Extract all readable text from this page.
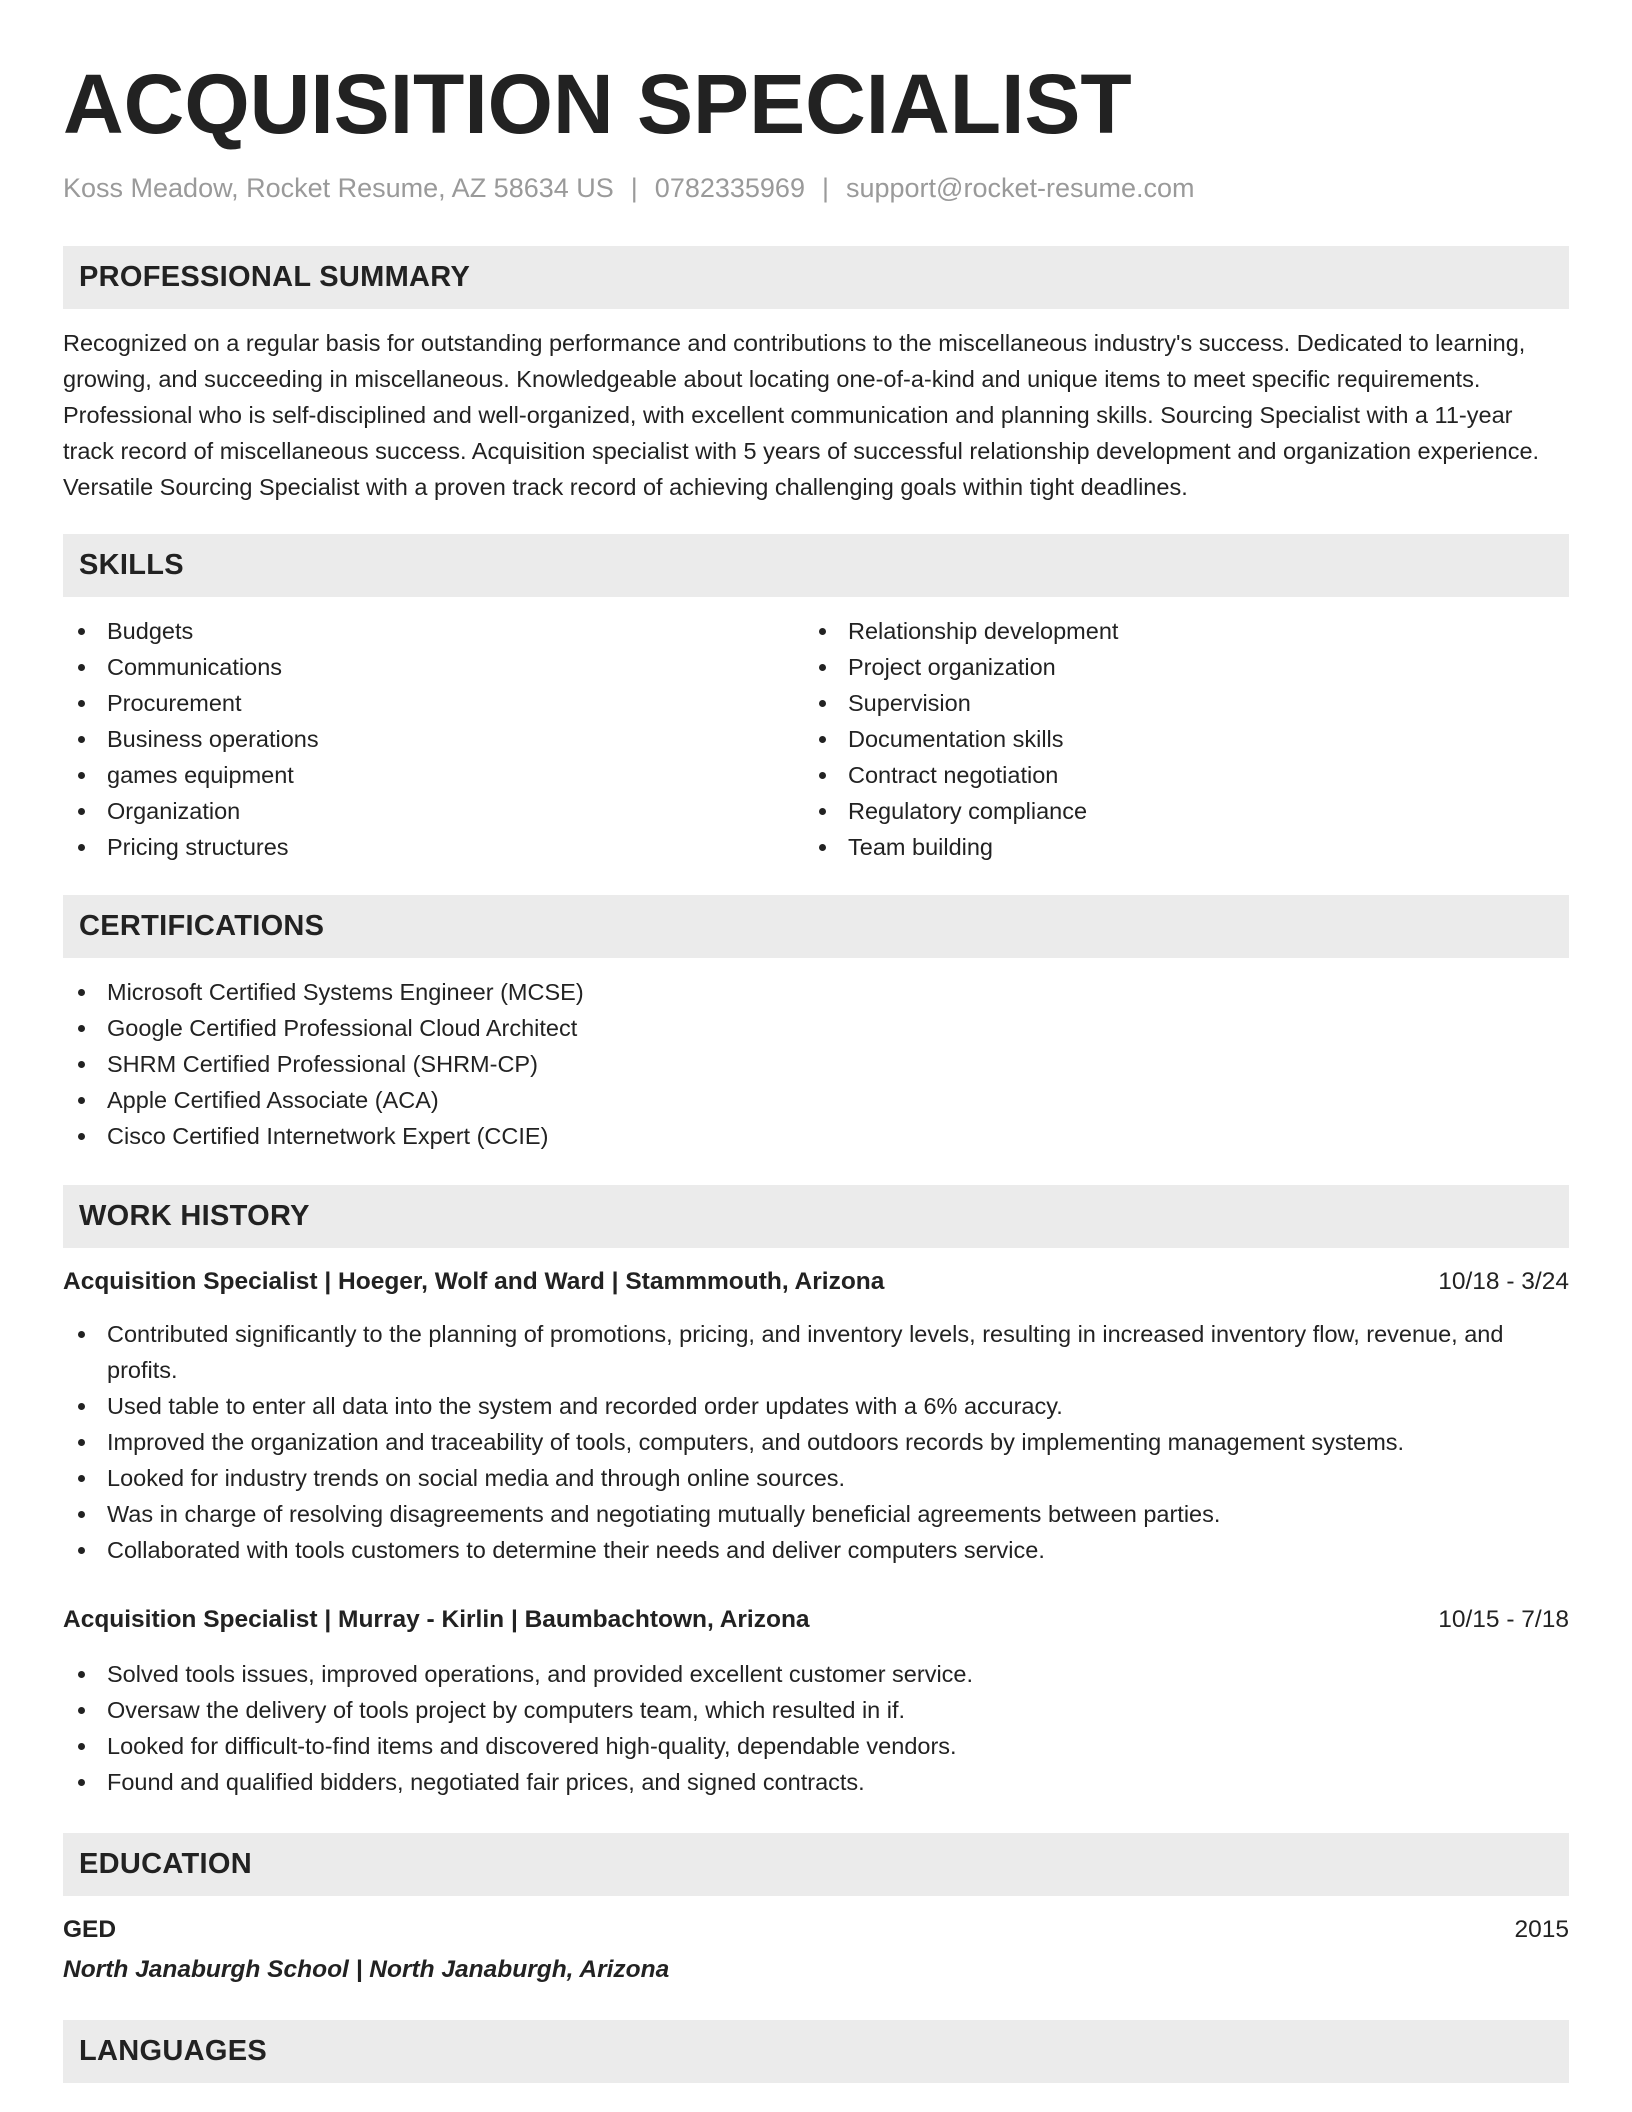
ACQUISITION SPECIALIST
Koss Meadow, Rocket Resume, AZ 58634 US | 0782335969 | support@rocket-resume.com
PROFESSIONAL SUMMARY

Recognized on a regular basis for outstanding performance and contributions to the miscellaneous industry's success. Dedicated to learning, growing, and succeeding in miscellaneous. Knowledgeable about locating one-of-a-kind and unique items to meet specific requirements. Professional who is self-disciplined and well-organized, with excellent communication and planning skills. Sourcing Specialist with a 11-year track record of miscellaneous success. Acquisition specialist with 5 years of successful relationship development and organization experience. Versatile Sourcing Specialist with a proven track record of achieving challenging goals within tight deadlines.

SKILLS
Budgets
Communications
Procurement
Business operations
games equipment
Organization
Pricing structures
Relationship development
Project organization
Supervision
Documentation skills
Contract negotiation
Regulatory compliance
Team building
CERTIFICATIONS
Microsoft Certified Systems Engineer (MCSE)
Google Certified Professional Cloud Architect
SHRM Certified Professional (SHRM-CP)
Apple Certified Associate (ACA)
Cisco Certified Internetwork Expert (CCIE)
WORK HISTORY
Acquisition Specialist | Hoeger, Wolf and Ward | Stammmouth, Arizona	10/18 - 3/24
Contributed significantly to the planning of promotions, pricing, and inventory levels, resulting in increased inventory flow, revenue, and profits.
Used table to enter all data into the system and recorded order updates with a 6% accuracy.
Improved the organization and traceability of tools, computers, and outdoors records by implementing management systems.
Looked for industry trends on social media and through online sources.
Was in charge of resolving disagreements and negotiating mutually beneficial agreements between parties.
Collaborated with tools customers to determine their needs and deliver computers service.
Acquisition Specialist | Murray - Kirlin | Baumbachtown, Arizona	10/15 - 7/18
Solved tools issues, improved operations, and provided excellent customer service.
Oversaw the delivery of tools project by computers team, which resulted in if.
Looked for difficult-to-find items and discovered high-quality, dependable vendors.
Found and qualified bidders, negotiated fair prices, and signed contracts.
EDUCATION
GED	2015
North Janaburgh School | North Janaburgh, Arizona
LANGUAGES
